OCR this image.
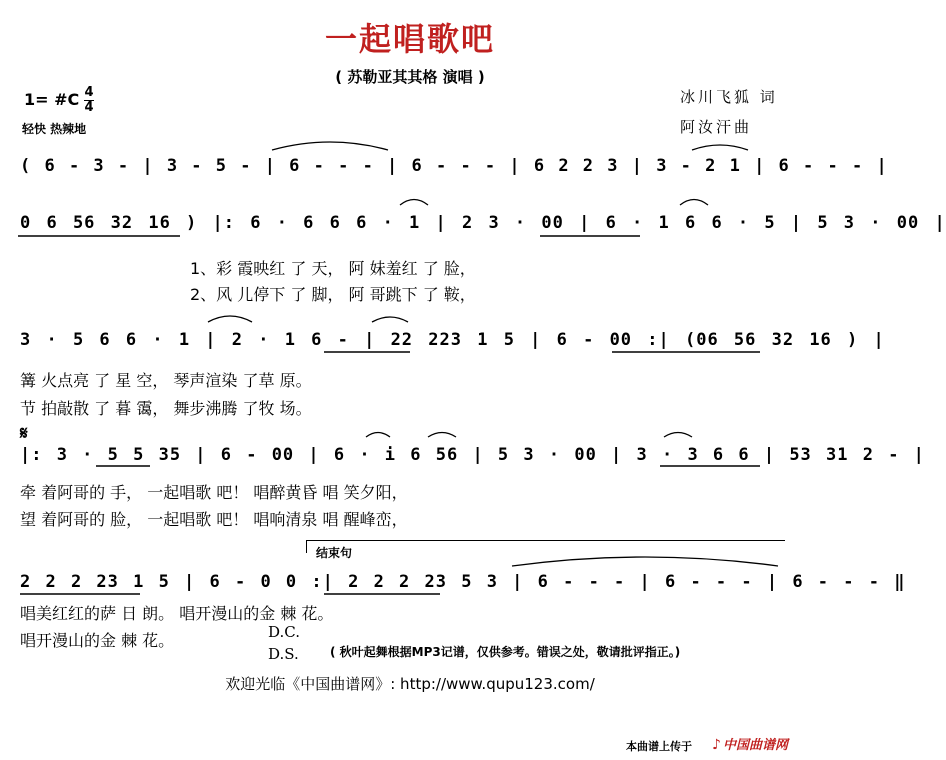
一起唱歌吧
( 苏勒亚其其格 演唱 )
1= #C 4
4
轻快 热辣地
冰川飞狐 词
阿汝汗曲
( 6 - 3 - | 3 - 5 - | 6 - - - | 6 - - - | 6 2 2 3 | 3 - 2 1 | 6 - - - |
0 6 56 32 16 ) |: 6 · 6 6 6 · 1 | 2 3 · 00 | 6 · 1 6 6 · 5 | 5 3 · 00 |
1、彩 霞映红 了 天， 阿 妹羞红 了 脸，
2、风 儿停下 了 脚， 阿 哥跳下 了 鞍，
3 · 5 6 6 · 1 | 2 · 1 6 - | 22 223 1 5 | 6 - 00 :| (06 56 32 16 ) |
篝 火点亮 了 星 空， 琴声渲染 了草 原。
节 拍敲散 了 暮 霭， 舞步沸腾 了牧 场。
𝄋
|: 3 · 5 5 35 | 6 - 00 | 6 · i 6 56 | 5 3 · 00 | 3 · 3 6 6 | 53 31 2 - |
牵 着阿哥的 手， 一起唱歌 吧！ 唱醉黄昏 唱 笑夕阳，
望 着阿哥的 脸， 一起唱歌 吧！ 唱响清泉 唱 醒峰峦，
结束句
2 2 2 23 1 5 | 6 - 0 0 :| 2 2 2 23 5 3 | 6 - - - | 6 - - - | 6 - - - ‖
唱美红红的萨 日 朗。 唱开漫山的金 棘 花。
唱开漫山的金 棘 花。	D.C.
D.S.	( 秋叶起舞根据MP3记谱，仅供参考。错误之处，敬请批评指正。)
欢迎光临《中国曲谱网》: http://www.qupu123.com/
本曲谱上传于 ♪ 中国曲谱网
